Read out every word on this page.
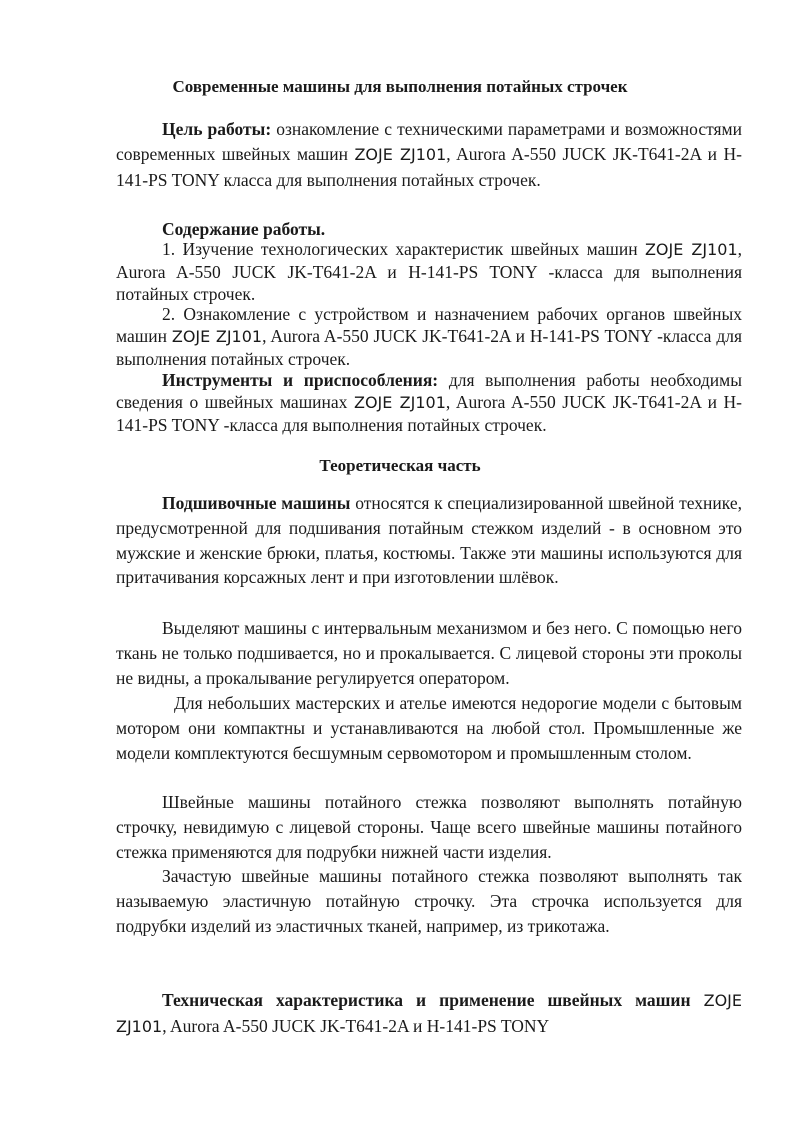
Современные машины для выполнения потайных строчек

Цель работы: ознакомление с техническими параметрами и возможностями современных швейных машин ZOJE ZJ101, Aurora A-550 JUCK JK-T641-2A и H-141-PS TONY класса для выполнения потайных строчек.

Содержание работы.

1. Изучение технологических характеристик швейных машин ZOJE ZJ101, Aurora A-550 JUCK JK-T641-2A и H-141-PS TONY -класса для выполнения потайных строчек.

2. Ознакомление с устройством и назначением рабочих органов швейных машин ZOJE ZJ101, Aurora A-550 JUCK JK-T641-2A и H-141-PS TONY -класса для выполнения потайных строчек.

Инструменты и приспособления: для выполнения работы необходимы сведения о швейных машинах ZOJE ZJ101, Aurora A-550 JUCK JK-T641-2A и H-141-PS TONY -класса для выполнения потайных строчек.

Теоретическая часть

Подшивочные машины относятся к специализированной швейной технике, предусмотренной для подшивания потайным стежком изделий - в основном это мужские и женские брюки, платья, костюмы. Также эти машины используются для притачивания корсажных лент и при изготовлении шлёвок.

Выделяют машины с интервальным механизмом и без него. С помощью него ткань не только подшивается, но и прокалывается. С лицевой стороны эти проколы не видны, а прокалывание регулируется оператором.

Для небольших мастерских и ателье имеются недорогие модели с бытовым мотором они компактны и устанавливаются на любой стол. Промышленные же модели комплектуются бесшумным сервомотором и промышленным столом.

Швейные машины потайного стежка позволяют выполнять потайную строчку, невидимую с лицевой стороны. Чаще всего швейные машины потайного стежка применяются для подрубки нижней части изделия.

Зачастую швейные машины потайного стежка позволяют выполнять так называемую эластичную потайную строчку. Эта строчка используется для подрубки изделий из эластичных тканей, например, из трикотажа.

Техническая характеристика и применение швейных машин ZOJE ZJ101, Aurora A-550 JUCK JK-T641-2A и H-141-PS TONY
